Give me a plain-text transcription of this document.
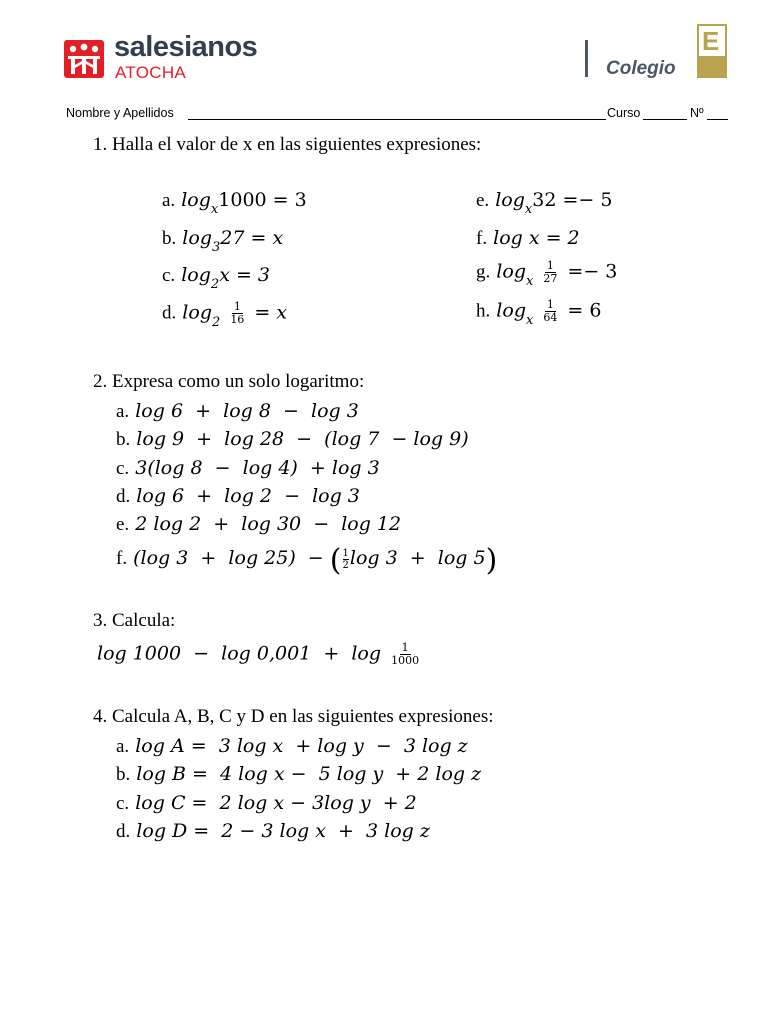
salesianos
ATOCHA	Colegio
E
Nombre y Apellidos	Curso	Nº
1. Halla el valor de x en las siguientes expresiones:
a. $\log_x1000 = 3$
b. $\log_327 = x$
c. $\log_2x = 3$
d. $\log_2 \frac{1}{16} = x$
e. $\log_x32 =- 5$
f. log x = 2
g. $\log_x \frac{1}{27} =- 3$
h. $\log_x \frac{1}{64} = 6$
2. Expresa como un solo logaritmo:
a. log 6  +  log 8  −  log 3
b. log 9  +  log 28  −  (log 7  − log 9)
c. 3(log 8  −  log 4)  + log 3
d. log 6  +  log 2  −  log 3
e. 2 log 2  +  log 30  −  log 12
f. (log 3  +  log 25)  − ( $\frac{1}{2}$ log 3  +  log 5)
3. Calcula:
$\log 1000 - \log 0,001 + \log \frac{1}{1000}$
4. Calcula A, B, C y D en las siguientes expresiones:
a. log A =  3 log x  + log y  −  3 log z
b. log B =  4 log x −  5 log y  + 2 log z
c. log C =  2 log x − 3log y  + 2
d. log D =  2 − 3 log x  +  3 log z
